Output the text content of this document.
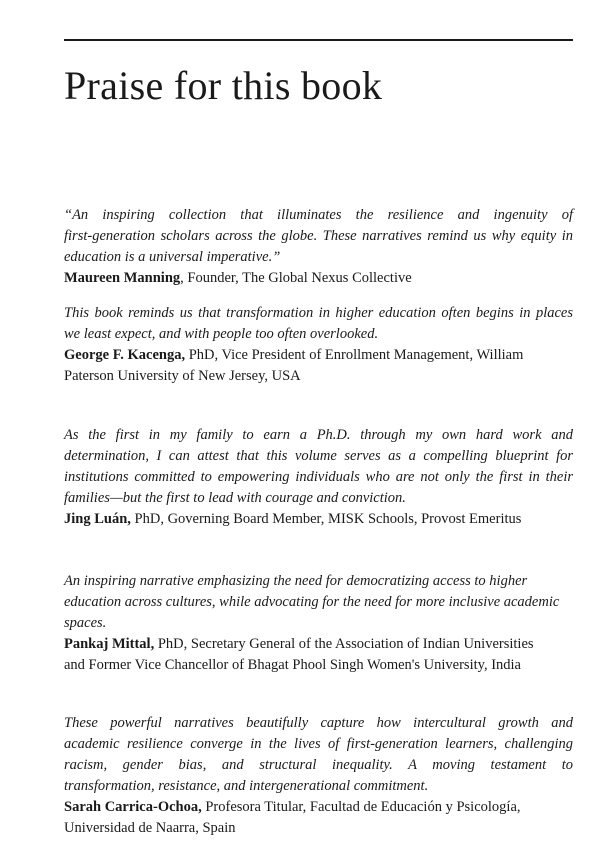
Praise for this book

“An inspiring collection that illuminates the resilience and ingenuity of
first-generation scholars across the globe. These narratives remind us why equity in
education is a universal imperative.”

Maureen Manning, Founder, The Global Nexus Collective

This book reminds us that transformation in higher education often begins in places
we least expect, and with people too often overlooked.

George F. Kacenga, PhD, Vice President of Enrollment Management, William

Paterson University of New Jersey, USA

As the first in my family to earn a Ph.D. through my own hard work and
determination, I can attest that this volume serves as a compelling blueprint for
institutions committed to empowering individuals who are not only the first in their
families—but the first to lead with courage and conviction.

Jing Luán, PhD, Governing Board Member, MISK Schools, Provost Emeritus

An inspiring narrative emphasizing the need for democratizing access to higher
education across cultures, while advocating for the need for more inclusive academic
spaces.

Pankaj Mittal, PhD, Secretary General of the Association of Indian Universities

and Former Vice Chancellor of Bhagat Phool Singh Women's University, India

These powerful narratives beautifully capture how intercultural growth and
academic resilience converge in the lives of first-generation learners, challenging
racism, gender bias, and structural inequality. A moving testament to
transformation, resistance, and intergenerational commitment.

Sarah Carrica-Ochoa, Profesora Titular, Facultad de Educación y Psicología,

Universidad de Naarra, Spain
